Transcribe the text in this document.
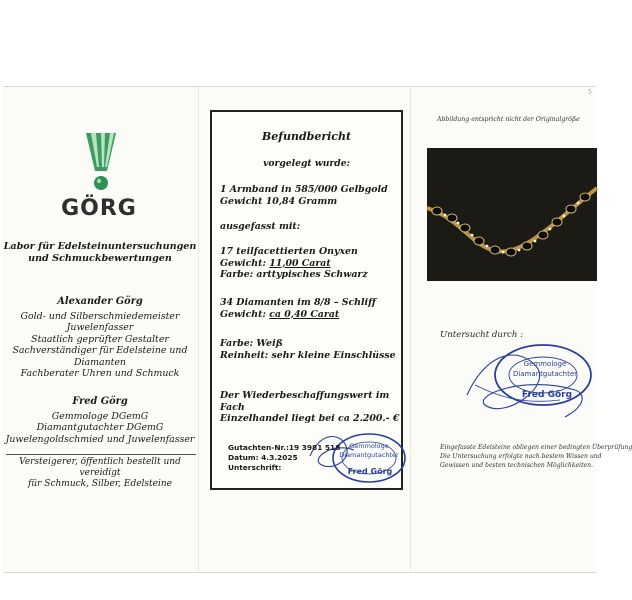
5
GÖRG
Labor für Edelsteinuntersuchungen
und Schmuckbewertungen
Alexander Görg
Gold- und Silberschmiedemeister
Juwelenfasser
Staatlich geprüfter Gestalter
Sachverständiger für Edelsteine und Diamanten
Fachberater Uhren und Schmuck
Fred Görg
Gemmologe DGemG
Diamantgutachter DGemG
Juwelengoldschmied und Juwelenfasser
Versteigerer, öffentlich bestellt und vereidigt
für Schmuck, Silber, Edelsteine
Befundbericht
vorgelegt wurde:
1 Armband in 585/000 Gelbgold
Gewicht 10,84 Gramm
ausgefasst mit:
17 teilfacettierten Onyxen
Gewicht: 11,00 Carat
Farbe: arttypisches Schwarz
34 Diamanten im 8/8 – Schliff
Gewicht: ca 0,40 Carat
Farbe: Weiß
Reinheit: sehr kleine Einschlüsse
Der Wiederbeschaffungswert im Fach
Einzelhandel liegt bei ca 2.200.- €
Gemmologe
Diamantgutachter
Fred Görg
Gutachten-Nr.:19 3981 518
Datum: 4.3.2025
Unterschrift:
Abbildung entspricht nicht der Originalgröße
Untersucht durch :
Gemmologe
Diamantgutachter
Fred Görg
Eingefasste Edelsteine obliegen einer bedingten Überprüfung
Die Untersuchung erfolgte nach bestem Wissen und
Gewissen und besten technischen Möglichkeiten.
